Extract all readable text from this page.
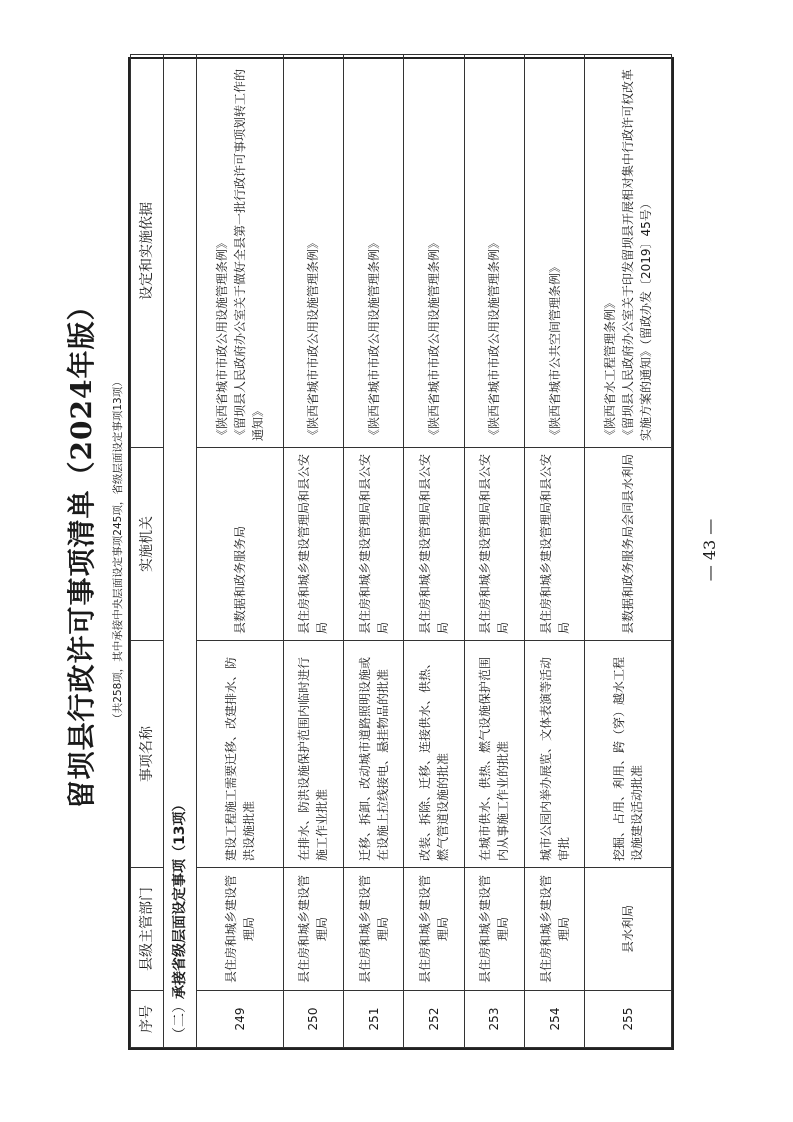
留坝县行政许可事项清单（2024年版） （共258项，其中承接中央层面设定事项245项，省级层面设定事项13项）
序号	县级主管部门	事项名称	实施机关	设定和实施依据
（二）承接省级层面设定事项（13项）				
249	县住房和城乡建设管理局	建设工程施工需要迁移、改建排水、防洪设施批准	县数据和政务服务局	《陕西省城市市政公用设施管理条例》 《留坝县人民政府办公室关于做好全县第一批行政许可事项划转工作的通知》

250	县住房和城乡建设管理局	在排水、防洪设施保护范围内临时进行施工作业批准	县住房和城乡建设管理局和县公安局	《陕西省城市市政公用设施管理条例》

251	县住房和城乡建设管理局	迁移、拆卸、改动城市道路照明设施或在设施上拉线接电、悬挂物品的批准	县住房和城乡建设管理局和县公安局	《陕西省城市市政公用设施管理条例》

252	县住房和城乡建设管理局	改装、拆除、迁移、连接供水、供热、燃气管道设施的批准	县住房和城乡建设管理局和县公安局	《陕西省城市市政公用设施管理条例》

253	县住房和城乡建设管理局	在城市供水、供热、燃气设施保护范围内从事施工作业的批准	县住房和城乡建设管理局和县公安局	《陕西省城市市政公用设施管理条例》

254	县住房和城乡建设管理局	城市公园内举办展览、文体表演等活动审批	县住房和城乡建设管理局和县公安局	《陕西省城市公共空间管理条例》

255	县水利局	挖掘、占用、利用、跨（穿）越水工程设施建设活动批准	县数据和政务服务局会同县水利局	《陕西省水工程管理条例》 《留坝县人民政府办公室关于印发留坝县开展相对集中行政许可权改革实施方案的通知》（留政办发〔2019〕45号）
— 43 —
